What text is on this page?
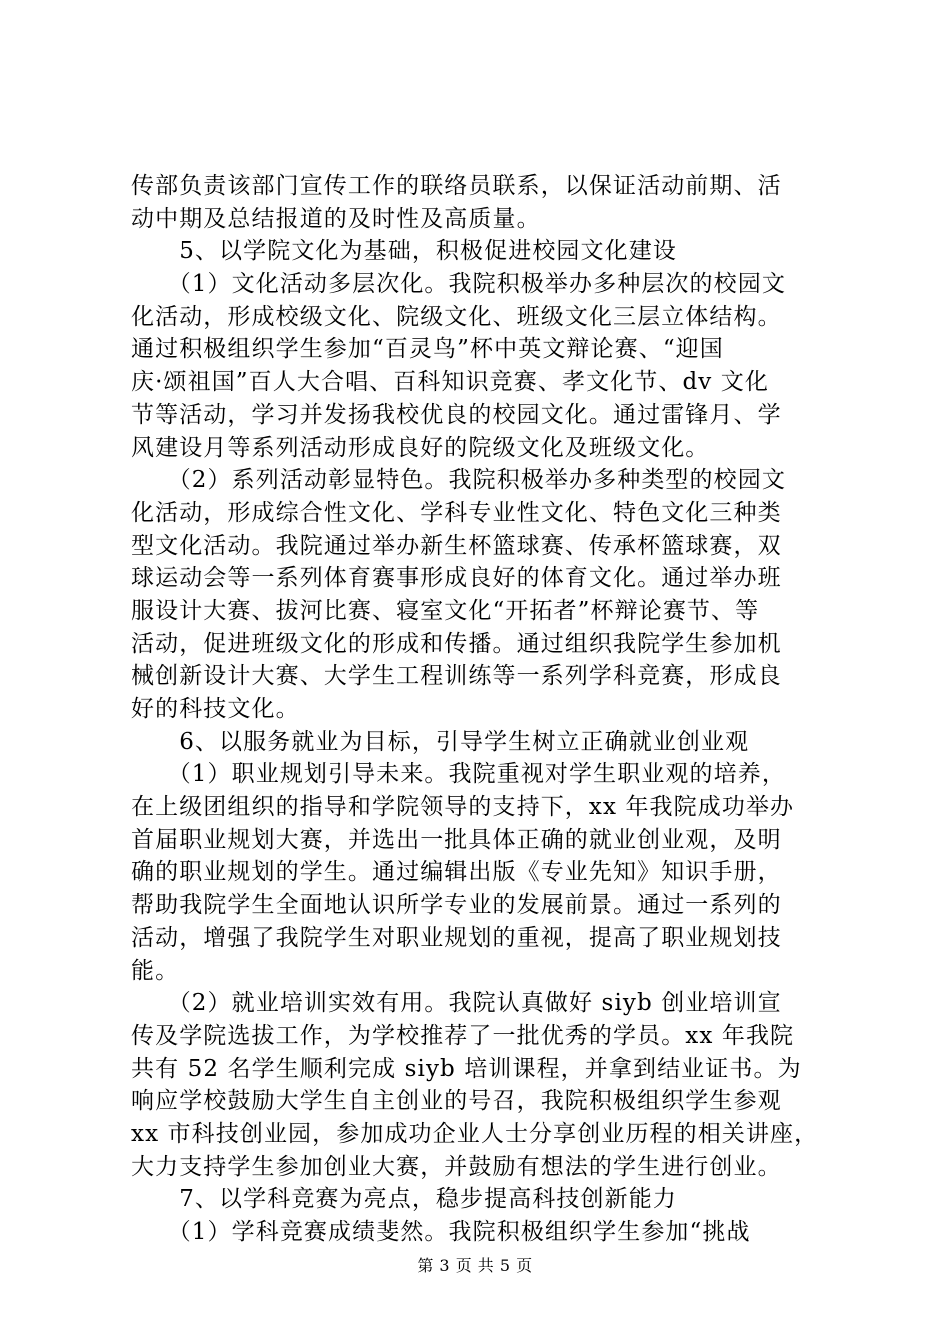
传部负责该部门宣传工作的联络员联系，以保证活动前期、活
动中期及总结报道的及时性及高质量。
　　5、以学院文化为基础，积极促进校园文化建设
　　（1）文化活动多层次化。我院积极举办多种层次的校园文
化活动，形成校级文化、院级文化、班级文化三层立体结构。
通过积极组织学生参加“百灵鸟”杯中英文辩论赛、“迎国
庆·颂祖国”百人大合唱、百科知识竞赛、孝文化节、dv 文化
节等活动，学习并发扬我校优良的校园文化。通过雷锋月、学
风建设月等系列活动形成良好的院级文化及班级文化。
　　（2）系列活动彰显特色。我院积极举办多种类型的校园文
化活动，形成综合性文化、学科专业性文化、特色文化三种类
型文化活动。我院通过举办新生杯篮球赛、传承杯篮球赛，双
球运动会等一系列体育赛事形成良好的体育文化。通过举办班
服设计大赛、拔河比赛、寝室文化“开拓者”杯辩论赛节、等
活动，促进班级文化的形成和传播。通过组织我院学生参加机
械创新设计大赛、大学生工程训练等一系列学科竞赛，形成良
好的科技文化。
　　6、以服务就业为目标，引导学生树立正确就业创业观
　　（1）职业规划引导未来。我院重视对学生职业观的培养，
在上级团组织的指导和学院领导的支持下，xx 年我院成功举办
首届职业规划大赛，并选出一批具体正确的就业创业观，及明
确的职业规划的学生。通过编辑出版《专业先知》知识手册，
帮助我院学生全面地认识所学专业的发展前景。通过一系列的
活动，增强了我院学生对职业规划的重视，提高了职业规划技
能。
　　（2）就业培训实效有用。我院认真做好 siyb 创业培训宣
传及学院选拔工作，为学校推荐了一批优秀的学员。xx 年我院
共有 52 名学生顺利完成 siyb 培训课程，并拿到结业证书。为
响应学校鼓励大学生自主创业的号召，我院积极组织学生参观
xx 市科技创业园，参加成功企业人士分享创业历程的相关讲座，
大力支持学生参加创业大赛，并鼓励有想法的学生进行创业。
　　7、以学科竞赛为亮点，稳步提高科技创新能力
　　（1）学科竞赛成绩斐然。我院积极组织学生参加“挑战
第 3 页 共 5 页
